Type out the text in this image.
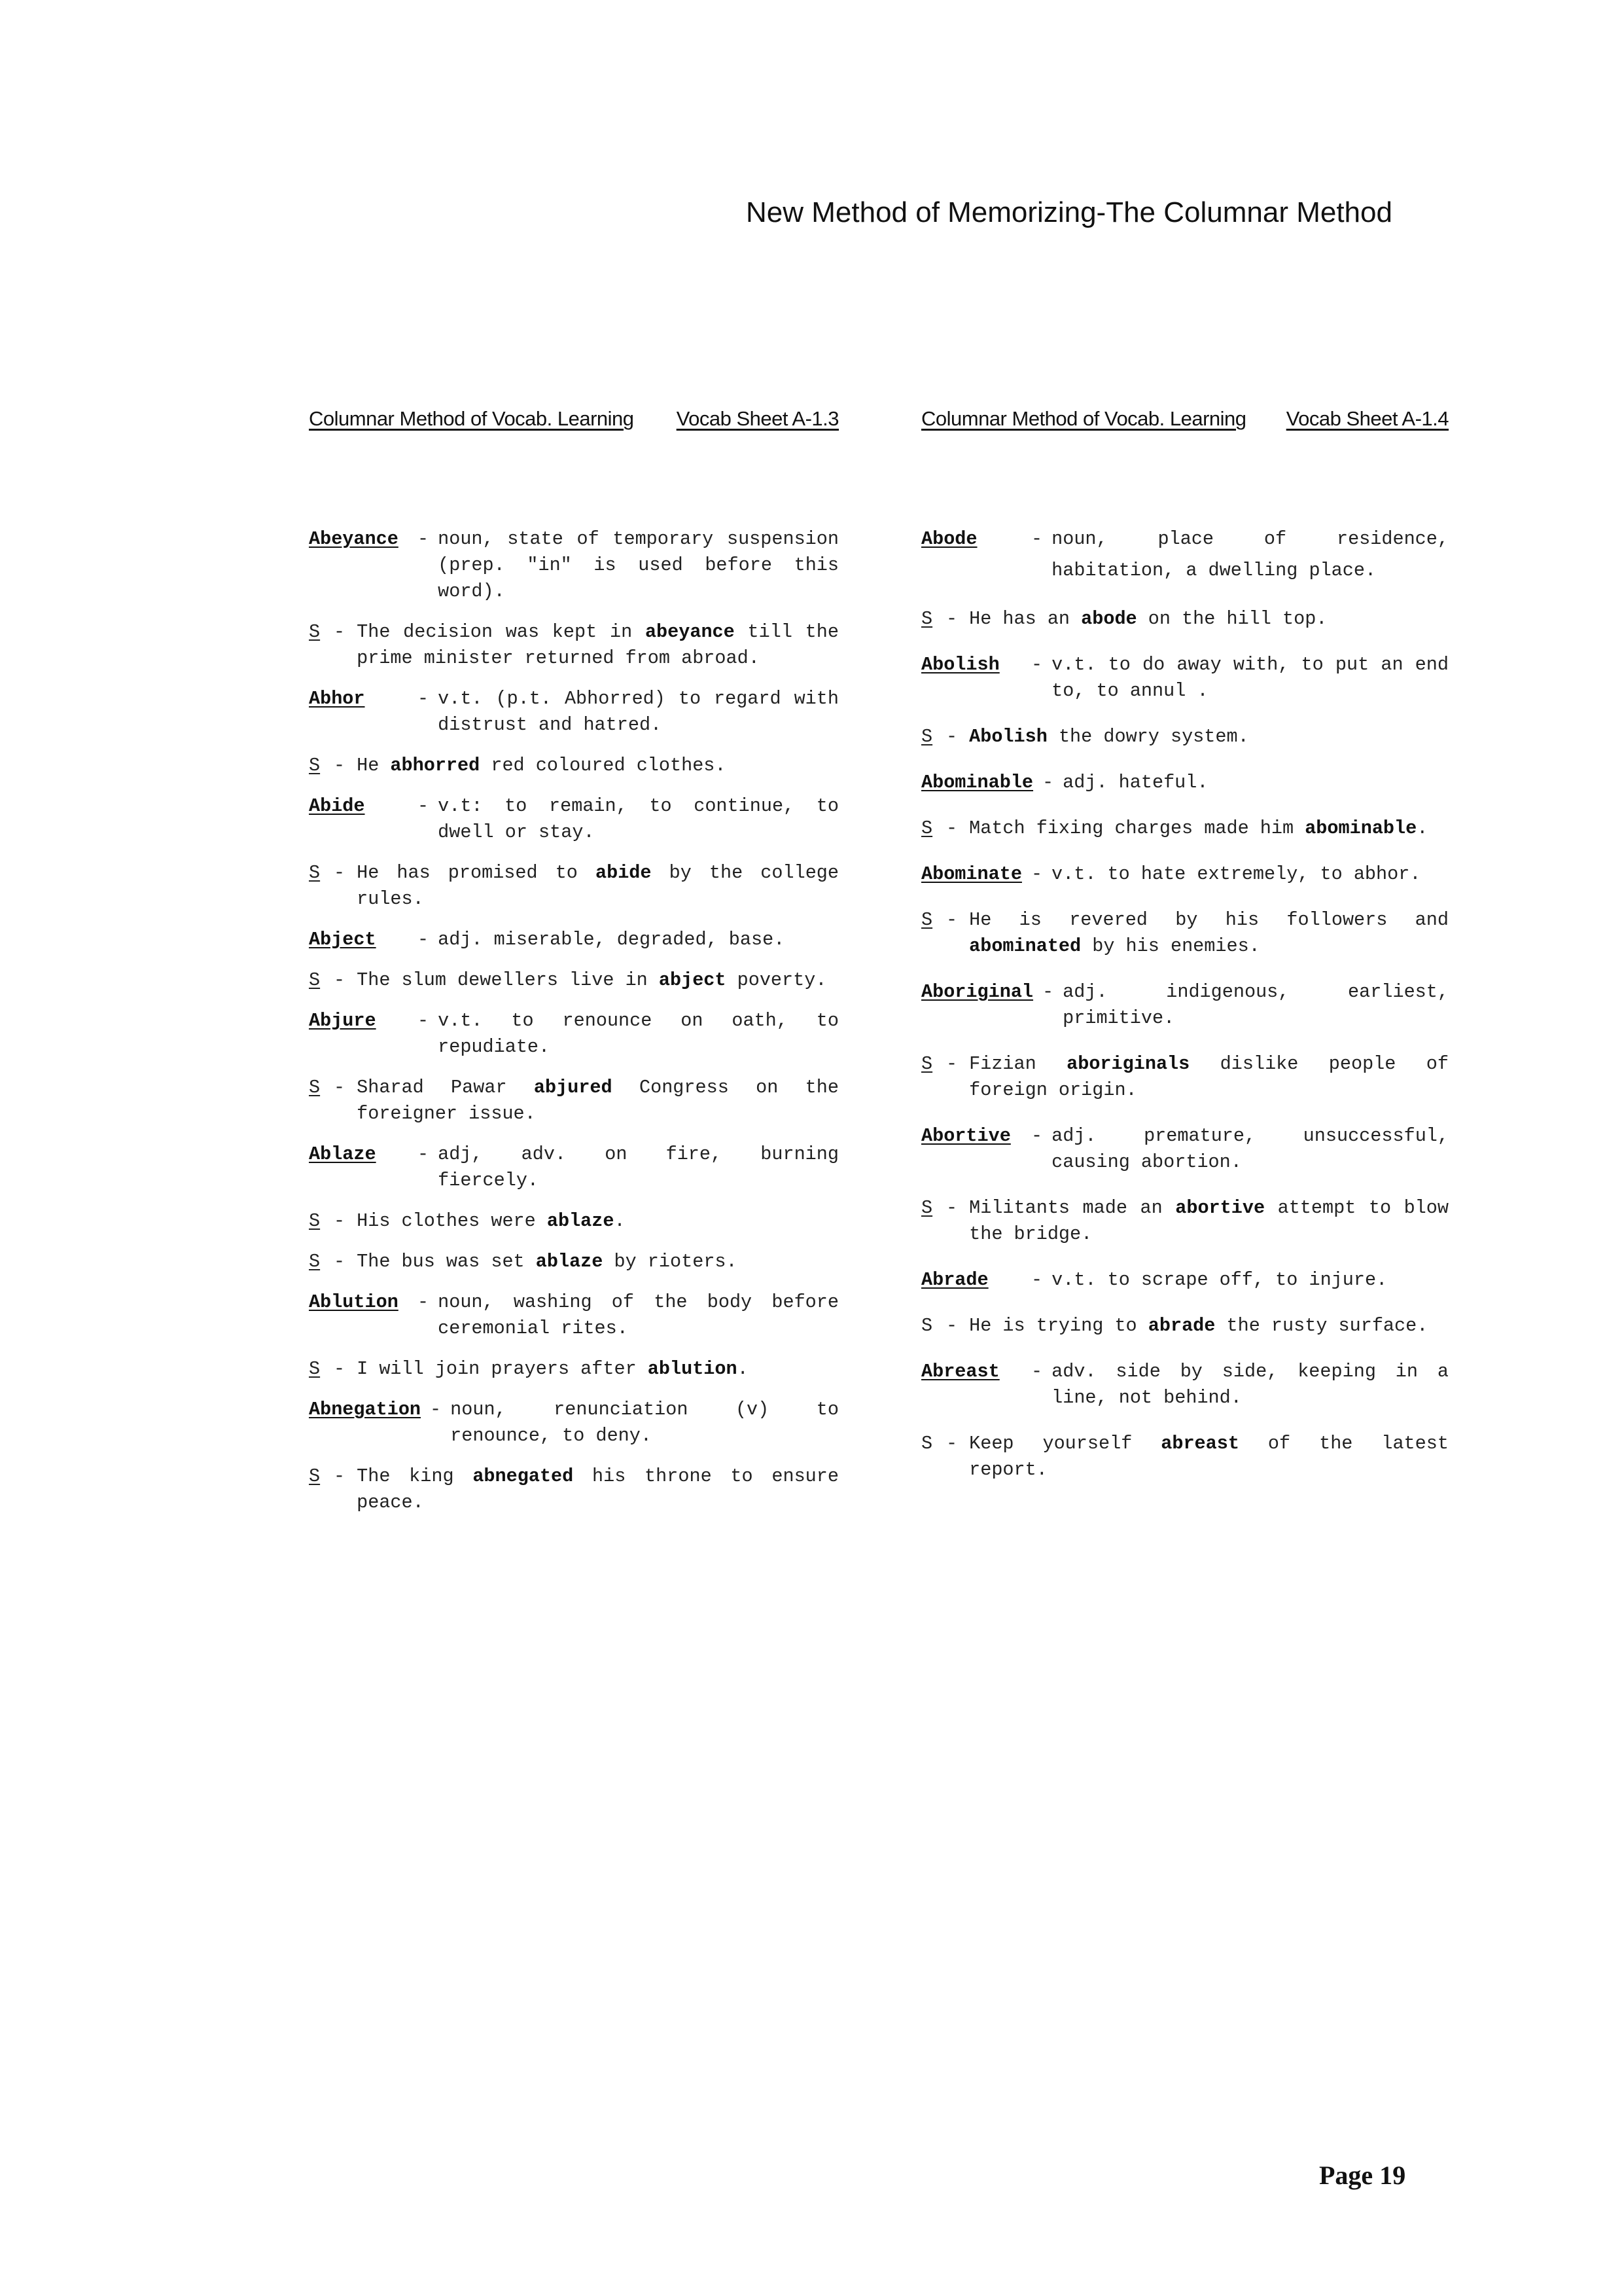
New Method of Memorizing-The Columnar Method
Columnar Method of Vocab. Learning Vocab Sheet A-1.3
Abeyance	- noun, state of temporary suspension (prep. "in" is used before this word).
S - The decision was kept in abeyance till the prime minister returned from abroad.
Abhor	- v.t. (p.t. Abhorred) to regard with distrust and hatred.
S - He abhorred red coloured clothes.
Abide	- v.t: to remain, to continue, to dwell or stay.
S - He has promised to abide by the college rules.
Abject	- adj. miserable, degraded, base.
S - The slum dewellers live in abject poverty.
Abjure	- v.t. to renounce on oath, to repudiate.
S - Sharad Pawar abjured Congress on the foreigner issue.
Ablaze	- adj, adv. on fire, burning fiercely.
S - His clothes were ablaze.
S - The bus was set ablaze by rioters.
Ablution	- noun, washing of the body before ceremonial rites.
S - I will join prayers after ablution.
Abnegation - noun, renunciation (v) to renounce, to deny.
S - The king abnegated his throne to ensure peace.
Columnar Method of Vocab. Learning Vocab Sheet A-1.4
Abode	- noun, place of residence, habitation, a dwelling place.
S - He has an abode on the hill top.
Abolish	- v.t. to do away with, to put an end to, to annul .
S - Abolish the dowry system.
Abominable - adj. hateful.
S - Match fixing charges made him abominable.
Abominate - v.t. to hate extremely, to abhor.
S - He is revered by his followers and abominated by his enemies.
Aboriginal - adj. indigenous, earliest, primitive.
S - Fizian aboriginals dislike people of foreign origin.
Abortive	- adj. premature, unsuccessful, causing abortion.
S - Militants made an abortive attempt to blow the bridge.
Abrade	- v.t. to scrape off, to injure.
S - He is trying to abrade the rusty surface.
Abreast	- adv. side by side, keeping in a line, not behind.
S - Keep yourself abreast of the latest report.
Page 19
